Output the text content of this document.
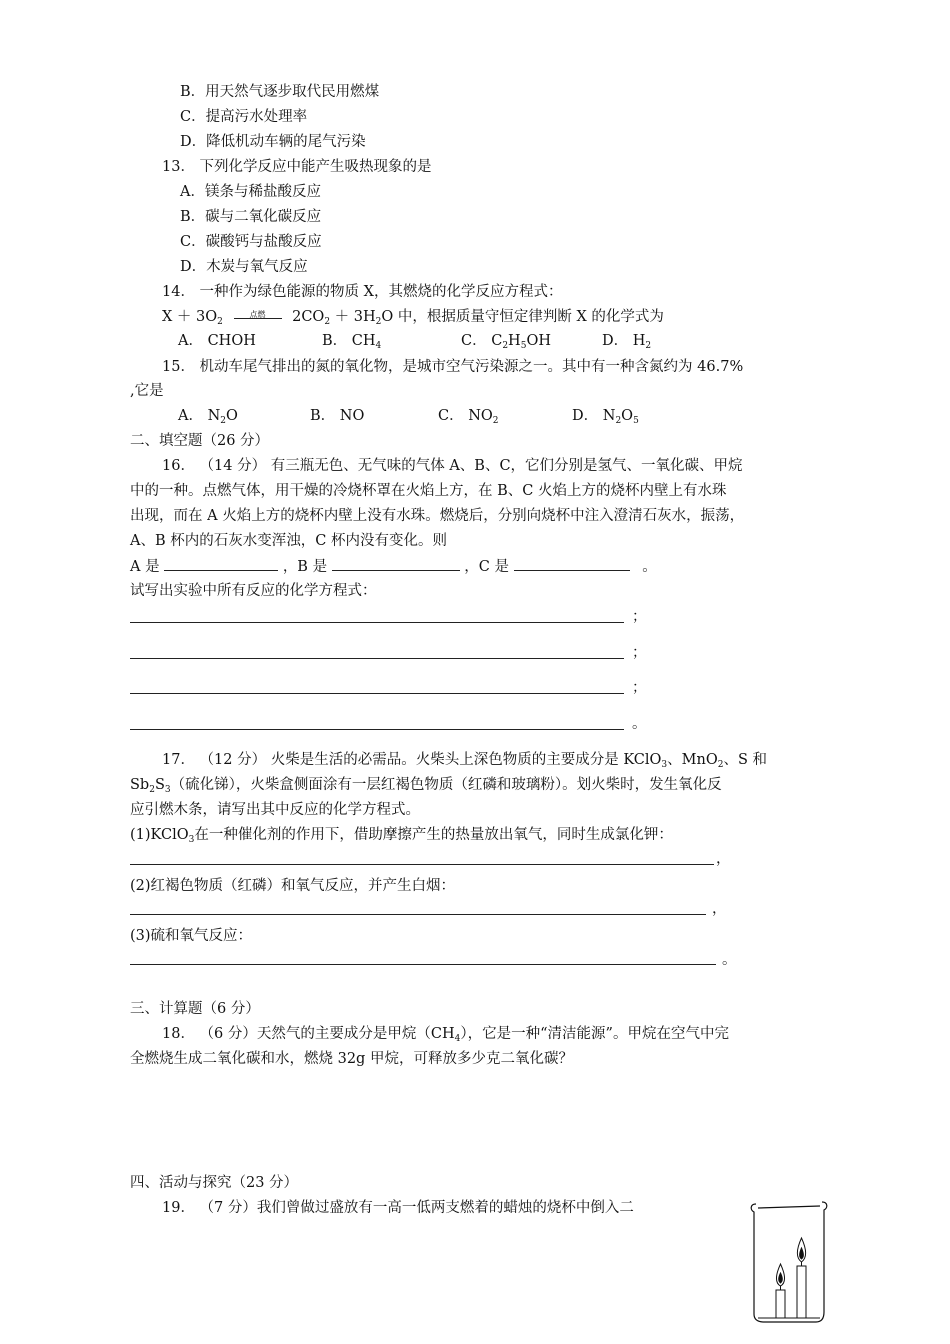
B．用天然气逐步取代民用燃煤
C．提高污水处理率
D．降低机动车辆的尾气污染
13． 下列化学反应中能产生吸热现象的是
A．镁条与稀盐酸反应
B．碳与二氧化碳反应
C．碳酸钙与盐酸反应
D．木炭与氧气反应
14． 一种作为绿色能源的物质 X，其燃烧的化学反应方程式：
$X + 3O_2$
点燃	$2CO_2 + 3H_2O$ 中，根据质量守恒定律判断 X 的化学式为
A． CHOH	B． $CH_4$	C． $C_2H_5OH$	D． $H_2$
15． 机动车尾气排出的氮的氧化物，是城市空气污染源之一。其中有一种含氮约为 46.7%
,它是
A． $N_2O$	B． NO	C． $NO_2$	D． $N_2O_5$
二、填空题（26 分）
16． （14 分） 有三瓶无色、无气味的气体 A、B、C，它们分别是氢气、一氧化碳、甲烷
中的一种。点燃气体，用干燥的冷烧杯罩在火焰上方，在 B、C 火焰上方的烧杯内壁上有水珠
出现，而在 A 火焰上方的烧杯内壁上没有水珠。燃烧后，分别向烧杯中注入澄清石灰水，振荡，
A、B 杯内的石灰水变浑浊，C 杯内没有变化。则
A 是	，B 是	，C 是	。
试写出实验中所有反应的化学方程式：
；
；
；
。
17． （12 分） 火柴是生活的必需品。火柴头上深色物质的主要成分是 KClO$_3$、MnO$_2$、S 和
$Sb_2S_3$（硫化锑），火柴盒侧面涂有一层红褐色物质（红磷和玻璃粉）。划火柴时，发生氧化反
应引燃木条，请写出其中反应的化学方程式。
(1)KClO$_3$在一种催化剂的作用下，借助摩擦产生的热量放出氧气，同时生成氯化钾：
，
(2)红褐色物质（红磷）和氧气反应，并产生白烟：
，
(3)硫和氧气反应：
。
三、计算题（6 分）
18． （6 分）天然气的主要成分是甲烷$(CH_4)$，它是一种“清洁能源”。甲烷在空气中完
全燃烧生成二氧化碳和水，燃烧 32g 甲烷，可释放多少克二氧化碳？
四、活动与探究（23 分）
19． （7 分）我们曾做过盛放有一高一低两支燃着的蜡烛的烧杯中倒入二
